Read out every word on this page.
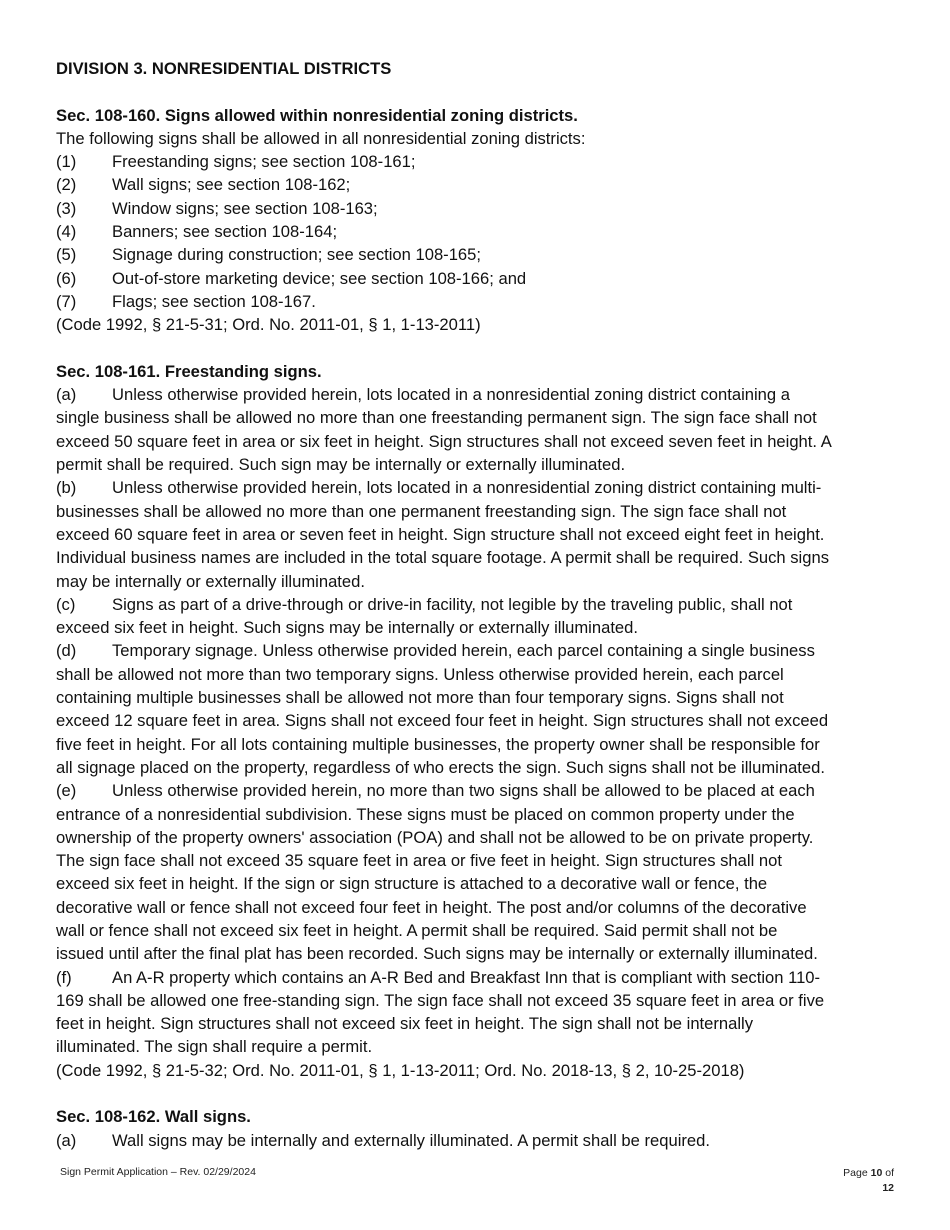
DIVISION 3. NONRESIDENTIAL DISTRICTS
Sec. 108-160. Signs allowed within nonresidential zoning districts.
The following signs shall be allowed in all nonresidential zoning districts:
(1) Freestanding signs; see section 108-161;
(2) Wall signs; see section 108-162;
(3) Window signs; see section 108-163;
(4) Banners; see section 108-164;
(5) Signage during construction; see section 108-165;
(6) Out-of-store marketing device; see section 108-166; and
(7) Flags; see section 108-167.
(Code 1992, § 21-5-31; Ord. No. 2011-01, § 1, 1-13-2011)
Sec. 108-161. Freestanding signs.
(a) Unless otherwise provided herein, lots located in a nonresidential zoning district containing a
single business shall be allowed no more than one freestanding permanent sign. The sign face shall not
exceed 50 square feet in area or six feet in height. Sign structures shall not exceed seven feet in height. A
permit shall be required. Such sign may be internally or externally illuminated.
(b) Unless otherwise provided herein, lots located in a nonresidential zoning district containing multi-
businesses shall be allowed no more than one permanent freestanding sign. The sign face shall not
exceed 60 square feet in area or seven feet in height. Sign structure shall not exceed eight feet in height.
Individual business names are included in the total square footage. A permit shall be required. Such signs
may be internally or externally illuminated.
(c) Signs as part of a drive-through or drive-in facility, not legible by the traveling public, shall not
exceed six feet in height. Such signs may be internally or externally illuminated.
(d) Temporary signage. Unless otherwise provided herein, each parcel containing a single business
shall be allowed not more than two temporary signs. Unless otherwise provided herein, each parcel
containing multiple businesses shall be allowed not more than four temporary signs. Signs shall not
exceed 12 square feet in area. Signs shall not exceed four feet in height. Sign structures shall not exceed
five feet in height. For all lots containing multiple businesses, the property owner shall be responsible for
all signage placed on the property, regardless of who erects the sign. Such signs shall not be illuminated.
(e) Unless otherwise provided herein, no more than two signs shall be allowed to be placed at each
entrance of a nonresidential subdivision. These signs must be placed on common property under the
ownership of the property owners' association (POA) and shall not be allowed to be on private property.
The sign face shall not exceed 35 square feet in area or five feet in height. Sign structures shall not
exceed six feet in height. If the sign or sign structure is attached to a decorative wall or fence, the
decorative wall or fence shall not exceed four feet in height. The post and/or columns of the decorative
wall or fence shall not exceed six feet in height. A permit shall be required. Said permit shall not be
issued until after the final plat has been recorded. Such signs may be internally or externally illuminated.
(f) An A-R property which contains an A-R Bed and Breakfast Inn that is compliant with section 110-
169 shall be allowed one free-standing sign. The sign face shall not exceed 35 square feet in area or five
feet in height. Sign structures shall not exceed six feet in height. The sign shall not be internally
illuminated. The sign shall require a permit.
(Code 1992, § 21-5-32; Ord. No. 2011-01, § 1, 1-13-2011; Ord. No. 2018-13, § 2, 10-25-2018)
Sec. 108-162. Wall signs.
(a) Wall signs may be internally and externally illuminated. A permit shall be required.
Sign Permit Application – Rev. 02/29/2024	Page 10 of
12
